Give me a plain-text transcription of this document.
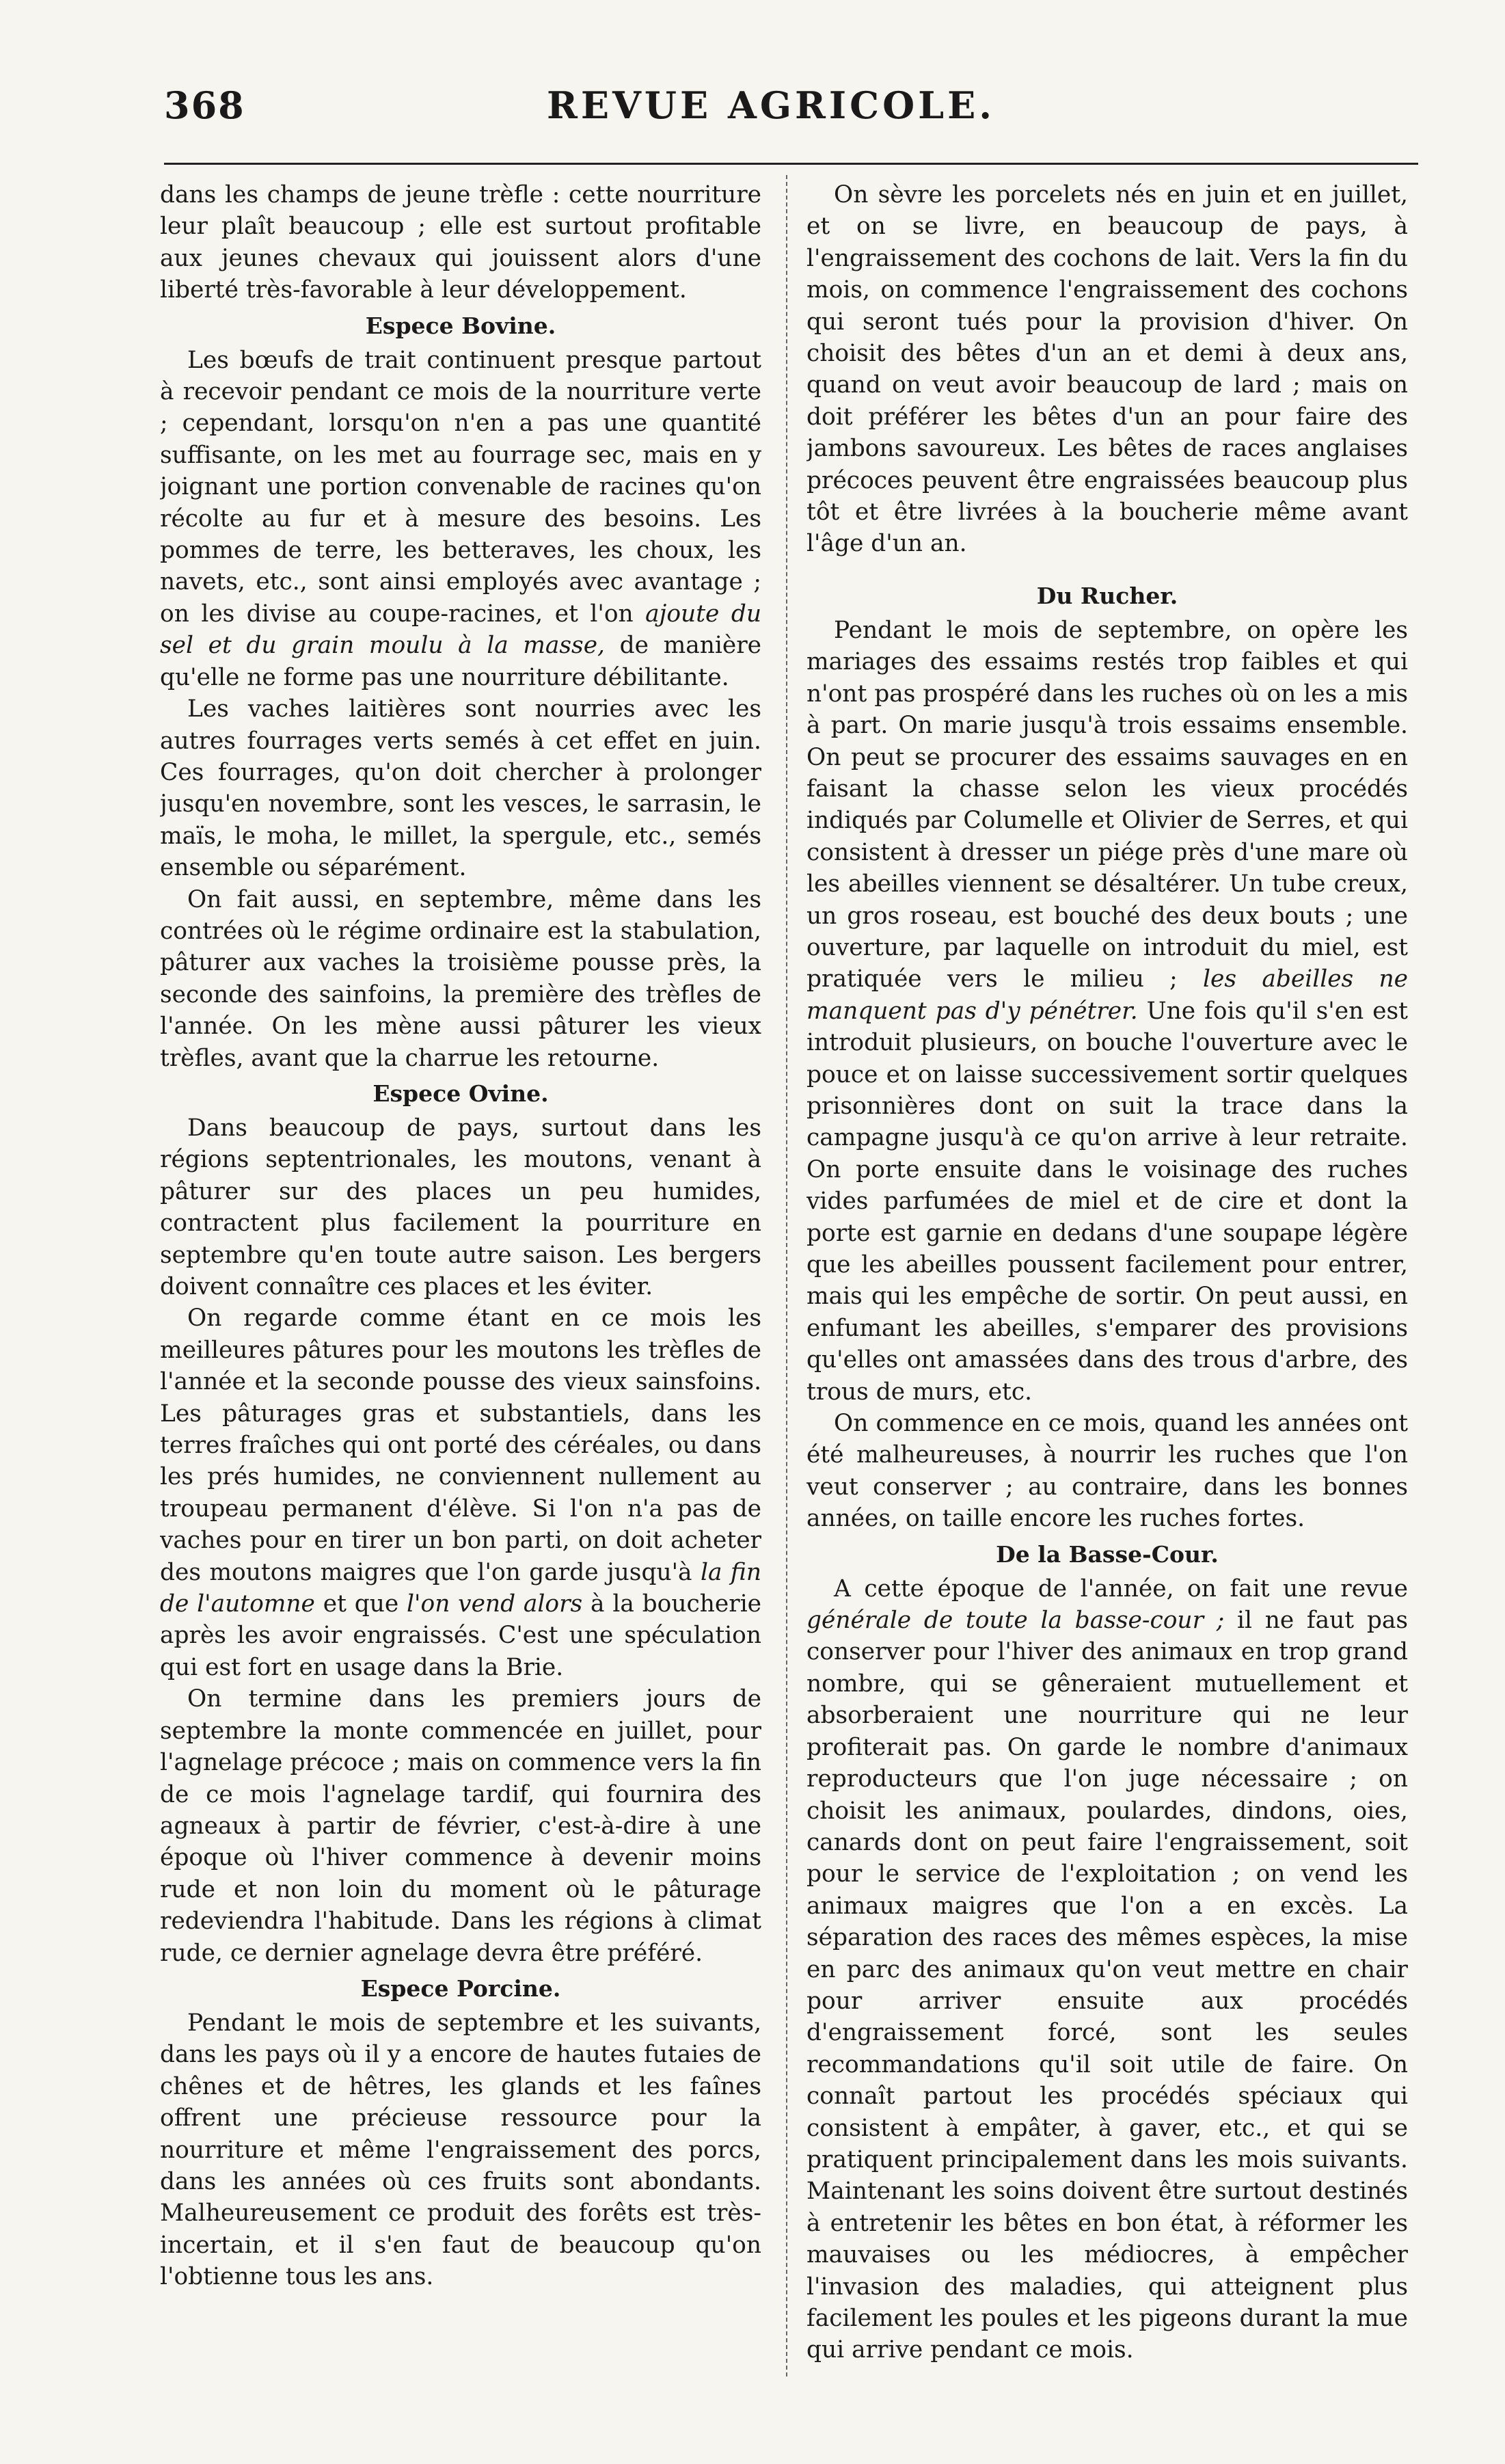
368	REVUE AGRICOLE.

dans les champs de jeune trèfle : cette nourriture leur plaît beaucoup ; elle est surtout profitable aux jeunes chevaux qui jouissent alors d'une liberté très-favorable à leur développement.

Espece Bovine.

Les bœufs de trait continuent presque partout à recevoir pendant ce mois de la nourriture verte ; cependant, lorsqu'on n'en a pas une quantité suffisante, on les met au fourrage sec, mais en y joignant une portion convenable de racines qu'on récolte au fur et à mesure des besoins. Les pommes de terre, les betteraves, les choux, les navets, etc., sont ainsi employés avec avantage ; on les divise au coupe-racines, et l'on ajoute du sel et du grain moulu à la masse, de manière qu'elle ne forme pas une nourriture débilitante.

Les vaches laitières sont nourries avec les autres fourrages verts semés à cet effet en juin. Ces fourrages, qu'on doit chercher à prolonger jusqu'en novembre, sont les vesces, le sarrasin, le maïs, le moha, le millet, la spergule, etc., semés ensemble ou séparément.

On fait aussi, en septembre, même dans les contrées où le régime ordinaire est la stabulation, pâturer aux vaches la troisième pousse près, la seconde des sainfoins, la première des trèfles de l'année. On les mène aussi pâturer les vieux trèfles, avant que la charrue les retourne.

Espece Ovine.

Dans beaucoup de pays, surtout dans les régions septentrionales, les moutons, venant à pâturer sur des places un peu humides, contractent plus facilement la pourriture en septembre qu'en toute autre saison. Les bergers doivent connaître ces places et les éviter.

On regarde comme étant en ce mois les meilleures pâtures pour les moutons les trèfles de l'année et la seconde pousse des vieux sainsfoins. Les pâturages gras et substantiels, dans les terres fraîches qui ont porté des céréales, ou dans les prés humides, ne conviennent nullement au troupeau permanent d'élève. Si l'on n'a pas de vaches pour en tirer un bon parti, on doit acheter des moutons maigres que l'on garde jusqu'à la fin de l'automne et que l'on vend alors à la boucherie après les avoir engraissés. C'est une spéculation qui est fort en usage dans la Brie.

On termine dans les premiers jours de septembre la monte commencée en juillet, pour l'agnelage précoce ; mais on commence vers la fin de ce mois l'agnelage tardif, qui fournira des agneaux à partir de février, c'est-à-dire à une époque où l'hiver commence à devenir moins rude et non loin du moment où le pâturage redeviendra l'habitude. Dans les régions à climat rude, ce dernier agnelage devra être préféré.

Espece Porcine.

Pendant le mois de septembre et les suivants, dans les pays où il y a encore de hautes futaies de chênes et de hêtres, les glands et les faînes offrent une précieuse ressource pour la nourriture et même l'engraissement des porcs, dans les années où ces fruits sont abondants. Malheureusement ce produit des forêts est très-incertain, et il s'en faut de beaucoup qu'on l'obtienne tous les ans.

On sèvre les porcelets nés en juin et en juillet, et on se livre, en beaucoup de pays, à l'engraissement des cochons de lait. Vers la fin du mois, on commence l'engraissement des cochons qui seront tués pour la provision d'hiver. On choisit des bêtes d'un an et demi à deux ans, quand on veut avoir beaucoup de lard ; mais on doit préférer les bêtes d'un an pour faire des jambons savoureux. Les bêtes de races anglaises précoces peuvent être engraissées beaucoup plus tôt et être livrées à la boucherie même avant l'âge d'un an.

Du Rucher.

Pendant le mois de septembre, on opère les mariages des essaims restés trop faibles et qui n'ont pas prospéré dans les ruches où on les a mis à part. On marie jusqu'à trois essaims ensemble. On peut se procurer des essaims sauvages en en faisant la chasse selon les vieux procédés indiqués par Columelle et Olivier de Serres, et qui consistent à dresser un piége près d'une mare où les abeilles viennent se désaltérer. Un tube creux, un gros roseau, est bouché des deux bouts ; une ouverture, par laquelle on introduit du miel, est pratiquée vers le milieu ; les abeilles ne manquent pas d'y pénétrer. Une fois qu'il s'en est introduit plusieurs, on bouche l'ouverture avec le pouce et on laisse successivement sortir quelques prisonnières dont on suit la trace dans la campagne jusqu'à ce qu'on arrive à leur retraite. On porte ensuite dans le voisinage des ruches vides parfumées de miel et de cire et dont la porte est garnie en dedans d'une soupape légère que les abeilles poussent facilement pour entrer, mais qui les empêche de sortir. On peut aussi, en enfumant les abeilles, s'emparer des provisions qu'elles ont amassées dans des trous d'arbre, des trous de murs, etc.

On commence en ce mois, quand les années ont été malheureuses, à nourrir les ruches que l'on veut conserver ; au contraire, dans les bonnes années, on taille encore les ruches fortes.

De la Basse-Cour.

A cette époque de l'année, on fait une revue générale de toute la basse-cour ; il ne faut pas conserver pour l'hiver des animaux en trop grand nombre, qui se gêneraient mutuellement et absorberaient une nourriture qui ne leur profiterait pas. On garde le nombre d'animaux reproducteurs que l'on juge nécessaire ; on choisit les animaux, poulardes, dindons, oies, canards dont on peut faire l'engraissement, soit pour le service de l'exploitation ; on vend les animaux maigres que l'on a en excès. La séparation des races des mêmes espèces, la mise en parc des animaux qu'on veut mettre en chair pour arriver ensuite aux procédés d'engraissement forcé, sont les seules recommandations qu'il soit utile de faire. On connaît partout les procédés spéciaux qui consistent à empâter, à gaver, etc., et qui se pratiquent principalement dans les mois suivants. Maintenant les soins doivent être surtout destinés à entretenir les bêtes en bon état, à réformer les mauvaises ou les médiocres, à empêcher l'invasion des maladies, qui atteignent plus facilement les poules et les pigeons durant la mue qui arrive pendant ce mois.
